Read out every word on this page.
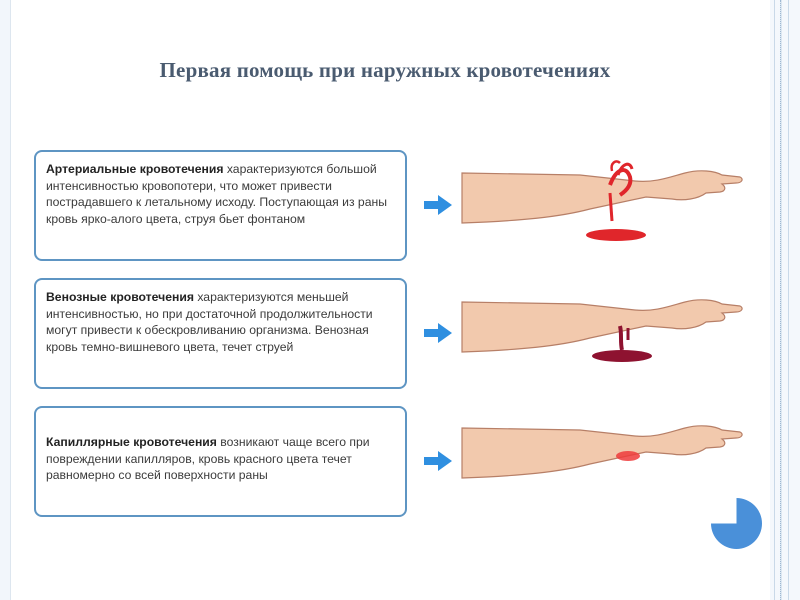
Первая помощь при наружных кровотечениях
Артериальные кровотечения характеризуются большой интенсивностью кровопотери, что может привести пострадавшего к летальному исходу. Поступающая из раны кровь ярко-алого цвета, струя бьет фонтаном
Венозные кровотечения характеризуются меньшей интенсивностью, но при достаточной продолжительности могут привести к обескровливанию организма. Венозная кровь темно-вишневого цвета, течет струей
Капиллярные кровотечения возникают чаще всего при повреждении капилляров, кровь красного цвета течет равномерно со всей поверхности раны
